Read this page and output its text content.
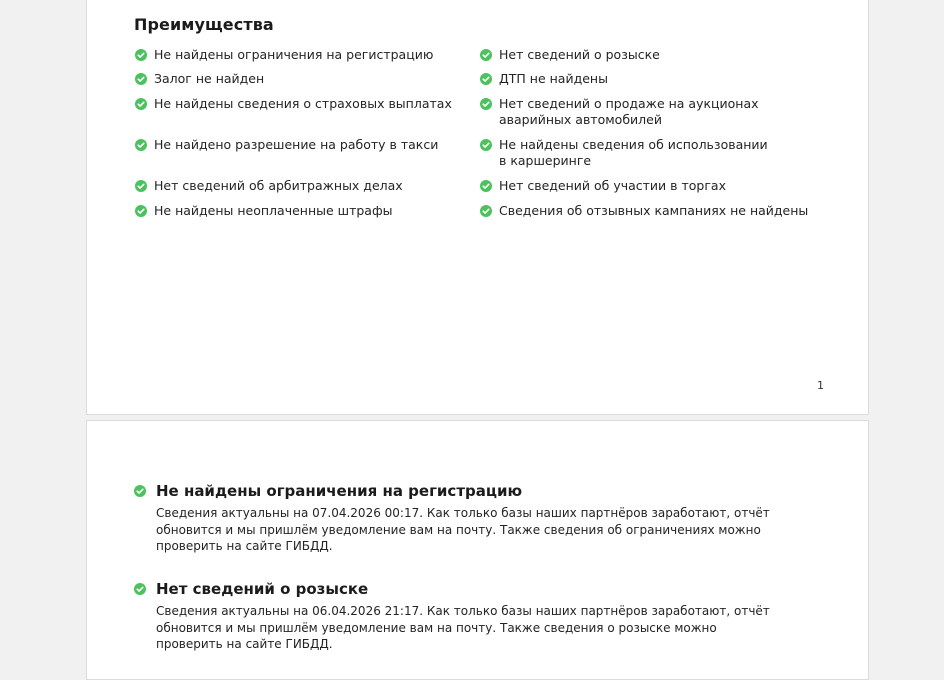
Преимущества
Не найдены ограничения на регистрацию
Залог не найден
Не найдены сведения о страховых выплатах
Не найдено разрешение на работу в такси
Нет сведений об арбитражных делах
Не найдены неоплаченные штрафы
Нет сведений о розыске
ДТП не найдены
Нет сведений о продаже на аукционах аварийных автомобилей
Не найдены сведения об использовании в каршеринге
Нет сведений об участии в торгах
Сведения об отзывных кампаниях не найдены
1
Не найдены ограничения на регистрацию

Сведения актуальны на 07.04.2026 00:17. Как только базы наших партнёров заработают, отчёт обновится и мы пришлём уведомление вам на почту. Также сведения об ограничениях можно проверить на сайте ГИБДД.

Нет сведений о розыске

Сведения актуальны на 06.04.2026 21:17. Как только базы наших партнёров заработают, отчёт обновится и мы пришлём уведомление вам на почту. Также сведения о розыске можно проверить на сайте ГИБДД.
